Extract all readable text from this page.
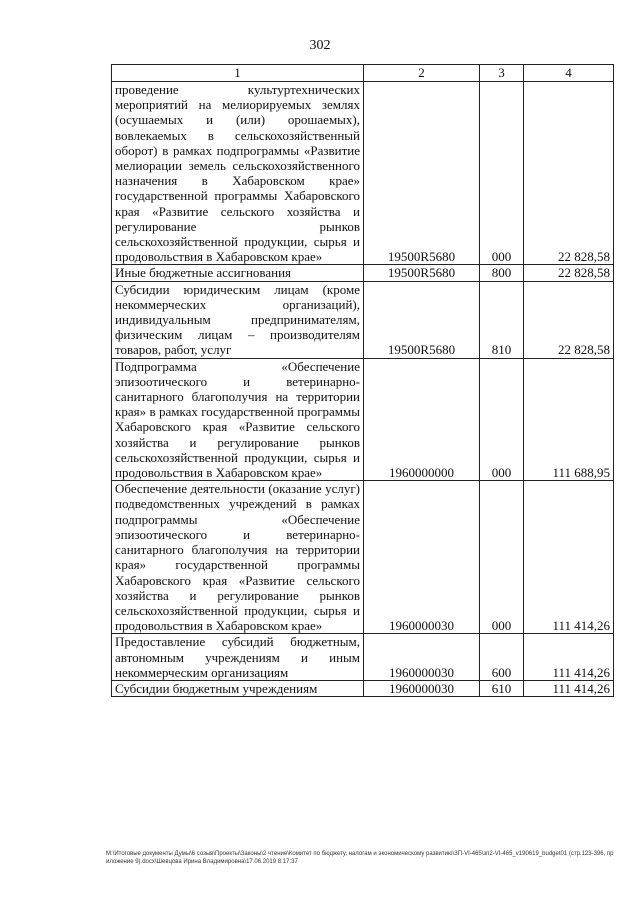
302
1	2	3	4
проведение культуртехнических мероприятий на мелиорируемых землях (осушаемых и (или) орошаемых), вовлекаемых в сельскохозяйственный оборот) в рамках подпрограммы «Развитие мелиорации земель сельскохозяйственного назначения в Хабаровском крае» государственной программы Хабаровского края «Развитие сельского хозяйства и регулирование рынков сельскохозяйственной продукции, сырья и продовольствия в Хабаровском крае»	19500R5680	000	22 828,58
Иные бюджетные ассигнования	19500R5680	800	22 828,58
Субсидии юридическим лицам (кроме некоммерческих организаций), индивидуальным предпринимателям, физическим лицам – производителям товаров, работ, услуг	19500R5680	810	22 828,58
Подпрограмма «Обеспечение эпизоотического и ветеринарно-санитарного благополучия на территории края» в рамках государственной программы Хабаровского края «Развитие сельского хозяйства и регулирование рынков сельскохозяйственной продукции, сырья и продовольствия в Хабаровском крае»	1960000000	000	111 688,95
Обеспечение деятельности (оказание услуг) подведомственных учреждений в рамках подпрограммы «Обеспечение эпизоотического и ветеринарно-санитарного благополучия на территории края» государственной программы Хабаровского края «Развитие сельского хозяйства и регулирование рынков сельскохозяйственной продукции, сырья и продовольствия в Хабаровском крае»	1960000030	000	111 414,26
Предоставление субсидий бюджетным, автономным учреждениям и иным некоммерческим организациям	1960000030	600	111 414,26
Субсидии бюджетным учреждениям	1960000030	610	111 414,26
М:\Итоговые документы Думы\6 созыв\Проекты\Законы\2 чтение\Комитет по бюджету, налогам и экономическому развитию\ЗП-VI-465\зп2-VI-465_v190619_budget01 (стр.123-396, приложение 9).docx\Шевцова Ирина Владимировна\17.06.2019 8:17:37
